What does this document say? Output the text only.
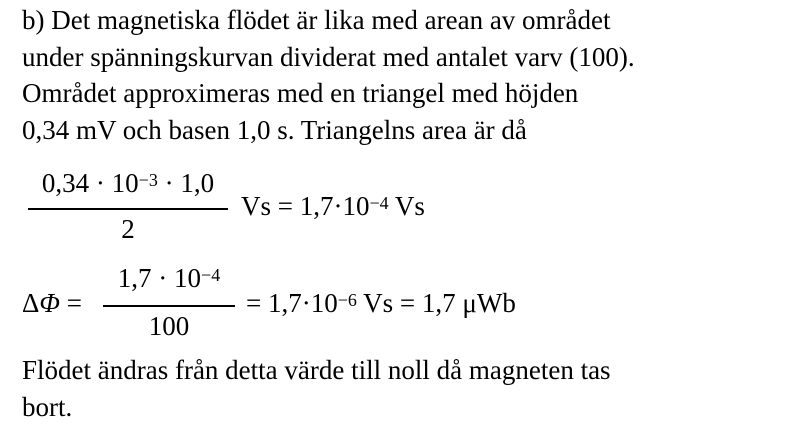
b) Det magnetiska flödet är lika med arean av området
under spänningskurvan dividerat med antalet varv (100).
Området approximeras med en triangel med höjden
0,34 mV och basen 1,0 s. Triangelns area är då
$0,34 \cdot 10^{-3} \cdot 1,0$
2
$Vs = 1,7\cdot 10^{-4}$ Vs
ΔΦ =
$1,7 \cdot 10^{-4}$
100
= $1,7\cdot 10^{-6}$ Vs = 1,7 μWb
Flödet ändras från detta värde till noll då magneten tas
bort.
